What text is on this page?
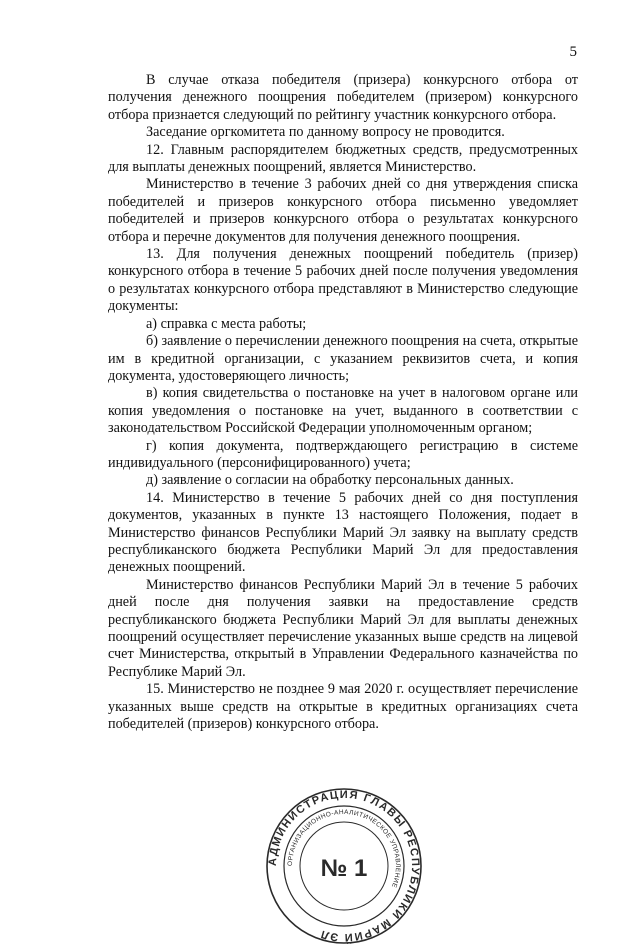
5

В случае отказа победителя (призера) конкурсного отбора от получения денежного поощрения победителем (призером) конкурсного отбора признается следующий по рейтингу участник конкурсного отбора.

Заседание оргкомитета по данному вопросу не проводится.

12. Главным распорядителем бюджетных средств, предусмотренных для выплаты денежных поощрений, является Министерство.

Министерство в течение 3 рабочих дней со дня утверждения списка победителей и призеров конкурсного отбора письменно уведомляет победителей и призеров конкурсного отбора о результатах конкурсного отбора и перечне документов для получения денежного поощрения.

13. Для получения денежных поощрений победитель (призер) конкурсного отбора в течение 5 рабочих дней после получения уведомления о результатах конкурсного отбора представляют в Министерство следующие документы:

а) справка с места работы;

б) заявление о перечислении денежного поощрения на счета, открытые им в кредитной организации, с указанием реквизитов счета, и копия документа, удостоверяющего личность;

в) копия свидетельства о постановке на учет в налоговом органе или копия уведомления о постановке на учет, выданного в соответствии с законодательством Российской Федерации уполномоченным органом;

г) копия документа, подтверждающего регистрацию в системе индивидуального (персонифицированного) учета;

д) заявление о согласии на обработку персональных данных.

14. Министерство в течение 5 рабочих дней со дня поступления документов, указанных в пункте 13 настоящего Положения, подает в Министерство финансов Республики Марий Эл заявку на выплату средств республиканского бюджета Республики Марий Эл для предоставления денежных поощрений.

Министерство финансов Республики Марий Эл в течение 5 рабочих дней после дня получения заявки на предоставление средств республиканского бюджета Республики Марий Эл для выплаты денежных поощрений осуществляет перечисление указанных выше средств на лицевой счет Министерства, открытый в Управлении Федерального казначейства по Республике Марий Эл.

15. Министерство не позднее 9 мая 2020 г. осуществляет перечисление указанных выше средств на открытые в кредитных организациях счета победителей (призеров) конкурсного отбора.

АДМИНИСТРАЦИЯ ГЛАВЫ РЕСПУБЛИКИ МАРИЙ ЭЛ
ОРГАНИЗАЦИОННО-АНАЛИТИЧЕСКОЕ УПРАВЛЕНИЕ
№ 1
